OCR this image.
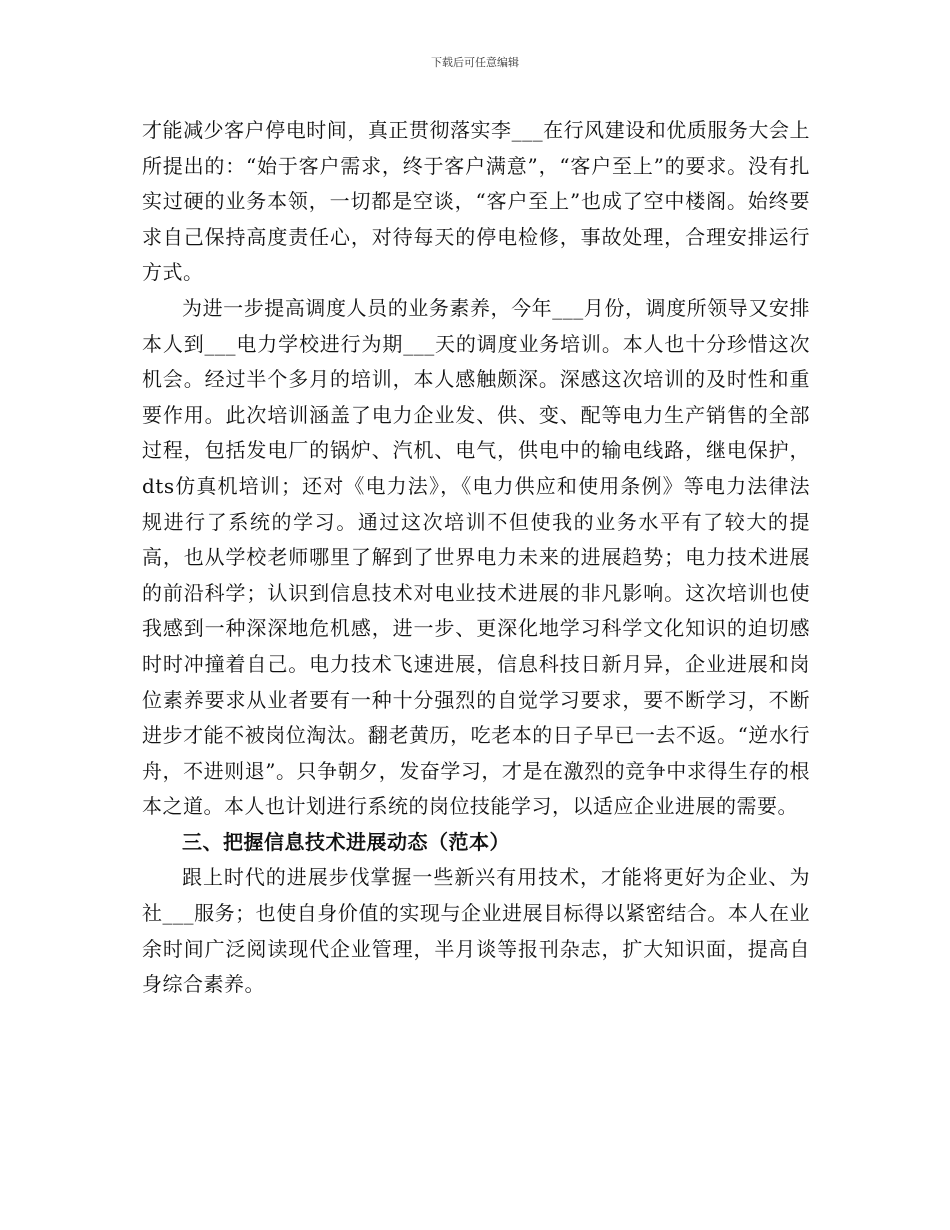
下载后可任意编辑

才能减少客户停电时间，真正贯彻落实李___在行风建设和优质服务大会上所提出的：“始于客户需求，终于客户满意”，“客户至上”的要求。没有扎实过硬的业务本领，一切都是空谈，“客户至上”也成了空中楼阁。始终要求自己保持高度责任心，对待每天的停电检修，事故处理，合理安排运行方式。

为进一步提高调度人员的业务素养，今年___月份，调度所领导又安排本人到___电力学校进行为期___天的调度业务培训。本人也十分珍惜这次机会。经过半个多月的培训，本人感触颇深。深感这次培训的及时性和重要作用。此次培训涵盖了电力企业发、供、变、配等电力生产销售的全部过程，包括发电厂的锅炉、汽机、电气，供电中的输电线路，继电保护，dts仿真机培训；还对《电力法》，《电力供应和使用条例》等电力法律法规进行了系统的学习。通过这次培训不但使我的业务水平有了较大的提高，也从学校老师哪里了解到了世界电力未来的进展趋势；电力技术进展的前沿科学；认识到信息技术对电业技术进展的非凡影响。这次培训也使我感到一种深深地危机感，进一步、更深化地学习科学文化知识的迫切感时时冲撞着自己。电力技术飞速进展，信息科技日新月异，企业进展和岗位素养要求从业者要有一种十分强烈的自觉学习要求，要不断学习，不断进步才能不被岗位淘汰。翻老黄历，吃老本的日子早已一去不返。“逆水行舟，不进则退”。只争朝夕，发奋学习，才是在激烈的竞争中求得生存的根本之道。本人也计划进行系统的岗位技能学习，以适应企业进展的需要。

三、把握信息技术进展动态（范本）

跟上时代的进展步伐掌握一些新兴有用技术，才能将更好为企业、为社___服务；也使自身价值的实现与企业进展目标得以紧密结合。本人在业余时间广泛阅读现代企业管理，半月谈等报刊杂志，扩大知识面，提高自身综合素养。
